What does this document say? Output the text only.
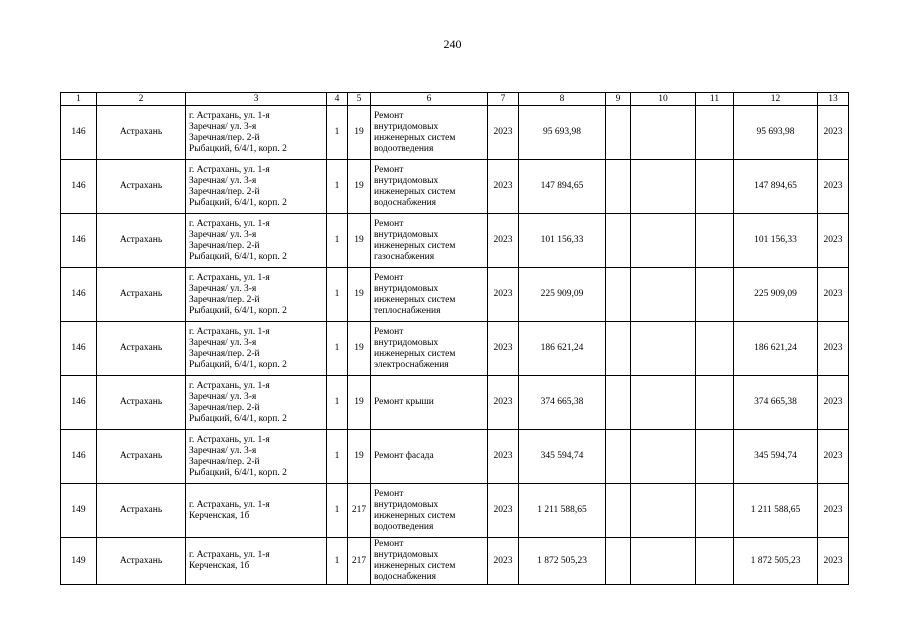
240
1	2	3	4	5	6	7	8	9	10	11	12	13
146	Астрахань	г. Астрахань, ул. 1-я
Заречная/ ул. 3-я
Заречная/пер. 2-й
Рыбацкий, 6/4/1, корп. 2	1	19	Ремонт
внутридомовых
инженерных систем
водоотведения	2023	95 693,98				95 693,98	2023
146	Астрахань	г. Астрахань, ул. 1-я
Заречная/ ул. 3-я
Заречная/пер. 2-й
Рыбацкий, 6/4/1, корп. 2	1	19	Ремонт
внутридомовых
инженерных систем
водоснабжения	2023	147 894,65				147 894,65	2023
146	Астрахань	г. Астрахань, ул. 1-я
Заречная/ ул. 3-я
Заречная/пер. 2-й
Рыбацкий, 6/4/1, корп. 2	1	19	Ремонт
внутридомовых
инженерных систем
газоснабжения	2023	101 156,33				101 156,33	2023
146	Астрахань	г. Астрахань, ул. 1-я
Заречная/ ул. 3-я
Заречная/пер. 2-й
Рыбацкий, 6/4/1, корп. 2	1	19	Ремонт
внутридомовых
инженерных систем
теплоснабжения	2023	225 909,09				225 909,09	2023
146	Астрахань	г. Астрахань, ул. 1-я
Заречная/ ул. 3-я
Заречная/пер. 2-й
Рыбацкий, 6/4/1, корп. 2	1	19	Ремонт
внутридомовых
инженерных систем
электроснабжения	2023	186 621,24				186 621,24	2023
146	Астрахань	г. Астрахань, ул. 1-я
Заречная/ ул. 3-я
Заречная/пер. 2-й
Рыбацкий, 6/4/1, корп. 2	1	19	Ремонт крыши	2023	374 665,38				374 665,38	2023
146	Астрахань	г. Астрахань, ул. 1-я
Заречная/ ул. 3-я
Заречная/пер. 2-й
Рыбацкий, 6/4/1, корп. 2	1	19	Ремонт фасада	2023	345 594,74				345 594,74	2023
149	Астрахань	г. Астрахань, ул. 1-я
Керченская, 1б	1	217	Ремонт
внутридомовых
инженерных систем
водоотведения	2023	1 211 588,65				1 211 588,65	2023
149	Астрахань	г. Астрахань, ул. 1-я
Керченская, 1б	1	217	Ремонт
внутридомовых
инженерных систем
водоснабжения	2023	1 872 505,23				1 872 505,23	2023
